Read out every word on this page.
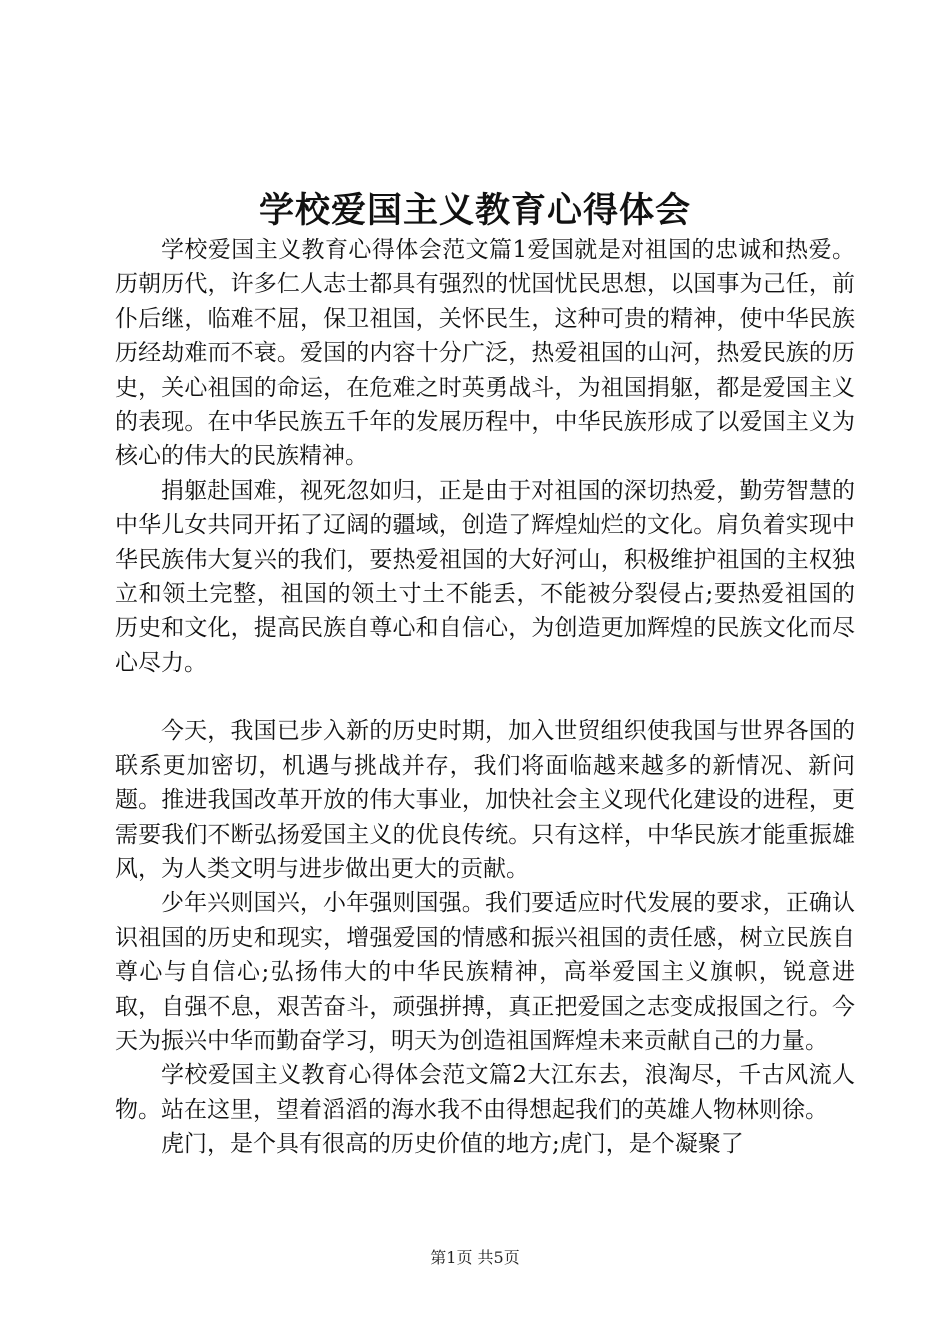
学校爱国主义教育心得体会

学校爱国主义教育心得体会范文篇1爱国就是对祖国的忠诚和热爱。历朝历代，许多仁人志士都具有强烈的忧国忧民思想，以国事为己任，前仆后继，临难不屈，保卫祖国，关怀民生，这种可贵的精神，使中华民族历经劫难而不衰。爱国的内容十分广泛，热爱祖国的山河，热爱民族的历史，关心祖国的命运，在危难之时英勇战斗，为祖国捐躯，都是爱国主义的表现。在中华民族五千年的发展历程中，中华民族形成了以爱国主义为核心的伟大的民族精神。

捐躯赴国难，视死忽如归，正是由于对祖国的深切热爱，勤劳智慧的中华儿女共同开拓了辽阔的疆域，创造了辉煌灿烂的文化。肩负着实现中华民族伟大复兴的我们，要热爱祖国的大好河山，积极维护祖国的主权独立和领土完整，祖国的领土寸土不能丢，不能被分裂侵占;要热爱祖国的历史和文化，提高民族自尊心和自信心，为创造更加辉煌的民族文化而尽心尽力。

今天，我国已步入新的历史时期，加入世贸组织使我国与世界各国的联系更加密切，机遇与挑战并存，我们将面临越来越多的新情况、新问题。推进我国改革开放的伟大事业，加快社会主义现代化建设的进程，更需要我们不断弘扬爱国主义的优良传统。只有这样，中华民族才能重振雄风，为人类文明与进步做出更大的贡献。

少年兴则国兴，小年强则国强。我们要适应时代发展的要求，正确认识祖国的历史和现实，增强爱国的情感和振兴祖国的责任感，树立民族自尊心与自信心;弘扬伟大的中华民族精神，高举爱国主义旗帜，锐意进取，自强不息，艰苦奋斗，顽强拼搏，真正把爱国之志变成报国之行。今天为振兴中华而勤奋学习，明天为创造祖国辉煌未来贡献自己的力量。

学校爱国主义教育心得体会范文篇2大江东去，浪淘尽，千古风流人物。站在这里，望着滔滔的海水我不由得想起我们的英雄人物林则徐。

虎门，是个具有很高的历史价值的地方;虎门，是个凝聚了

第1页 共5页
